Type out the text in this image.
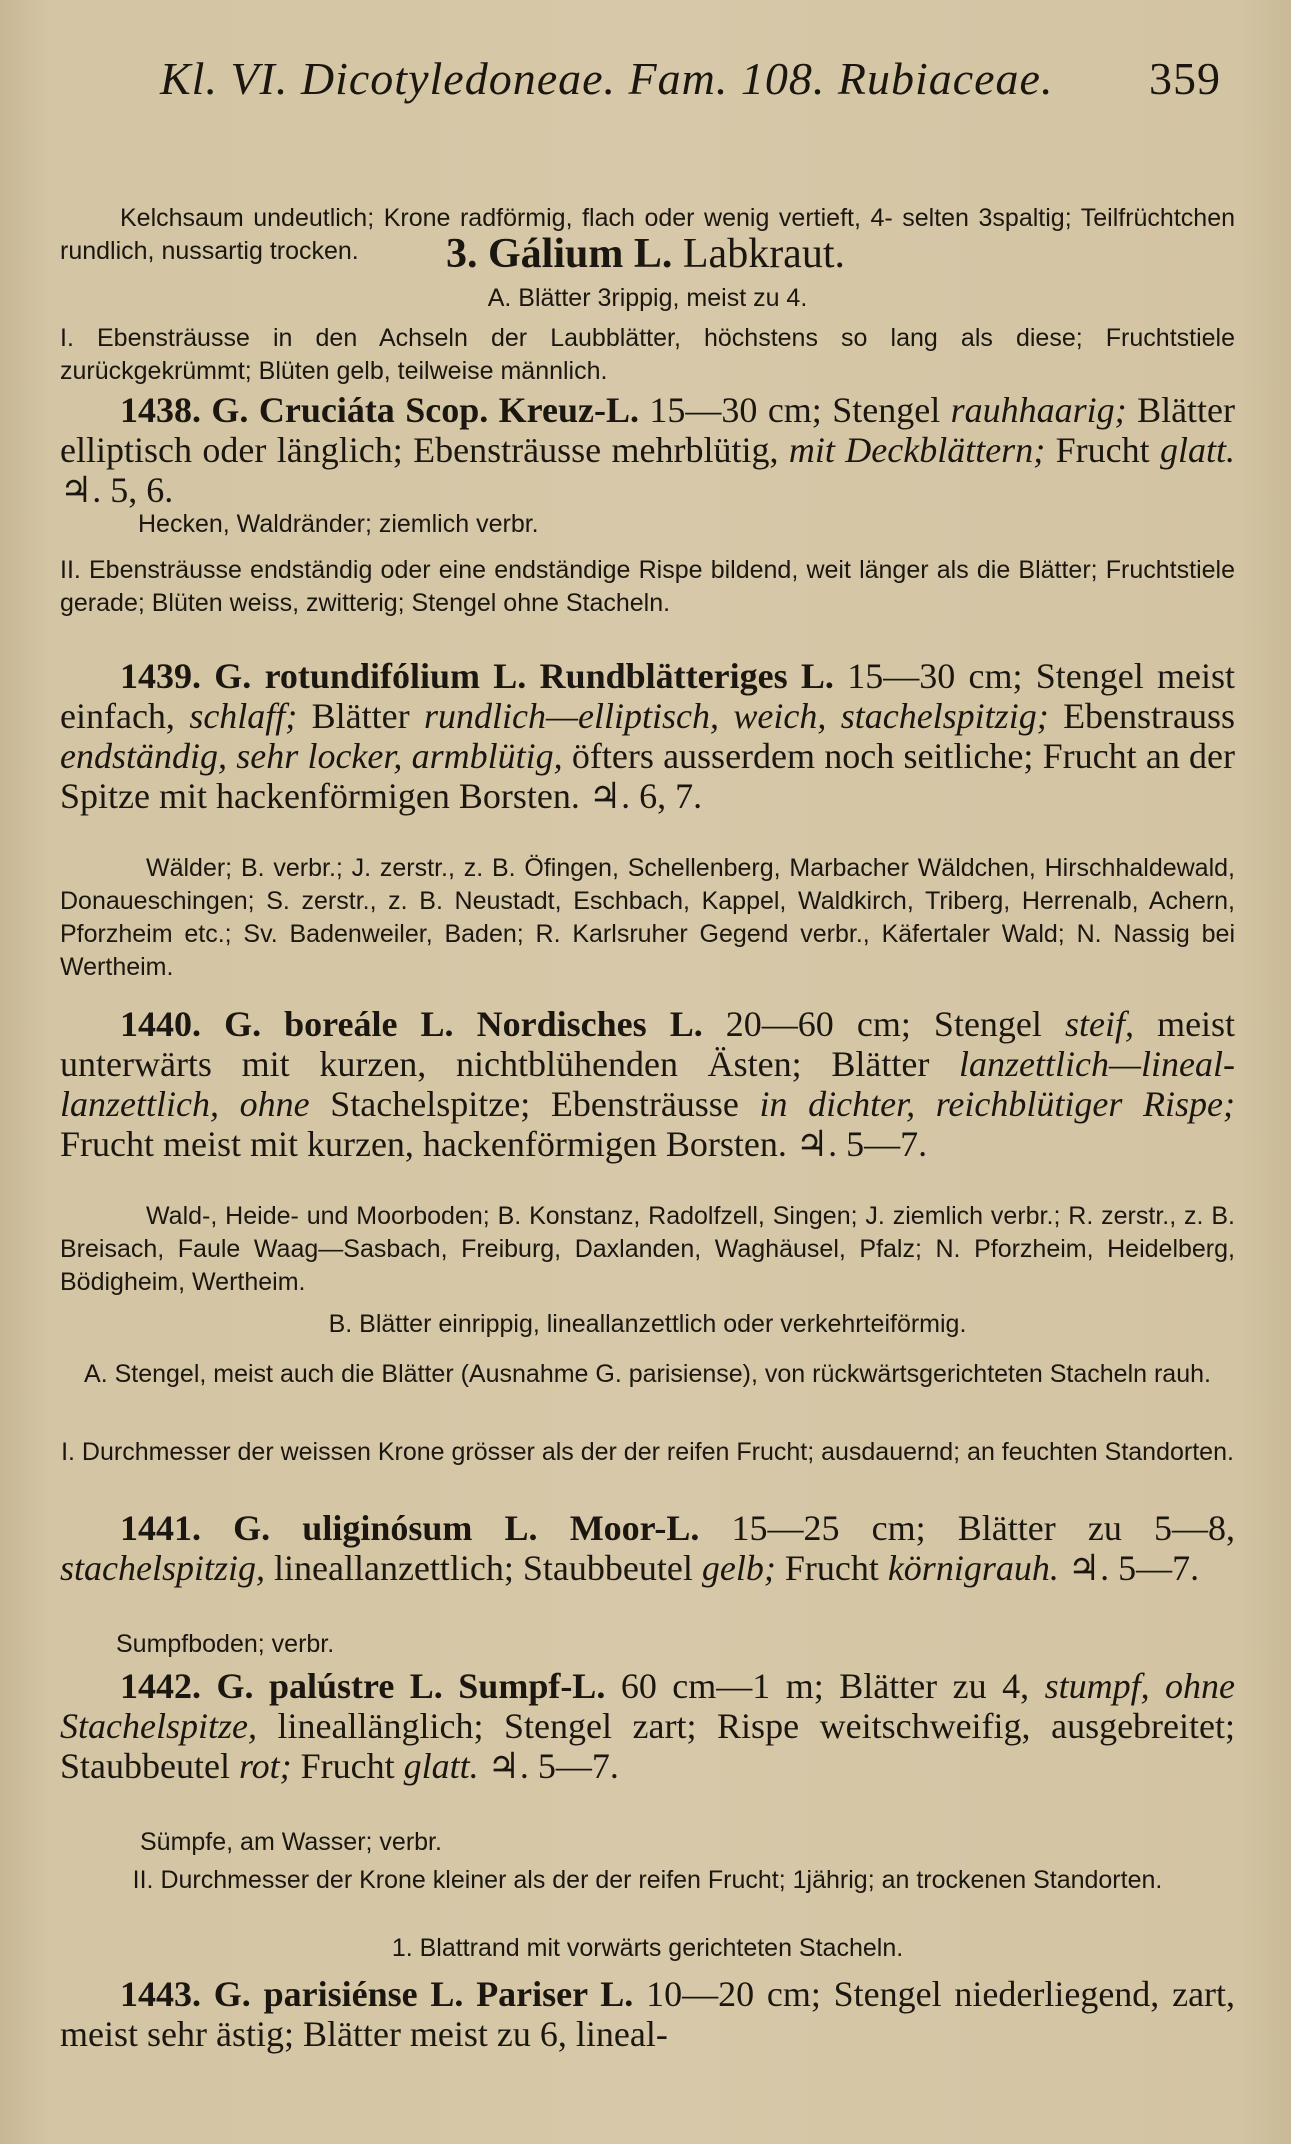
Kl. VI. Dicotyledoneae. Fam. 108. Rubiaceae. 359
3. Gálium L. Labkraut.
Kelchsaum undeutlich; Krone radförmig, flach oder wenig vertieft, 4- selten 3spaltig; Teilfrüchtchen rundlich, nussartig trocken.
A. Blätter 3rippig, meist zu 4.
I. Ebensträusse in den Achseln der Laubblätter, höchstens so lang als diese; Fruchtstiele zurückgekrümmt; Blüten gelb, teilweise männlich.
1438. G. Cruciáta Scop. Kreuz-L. 15—30 cm; Stengel rauhhaarig; Blätter elliptisch oder länglich; Ebensträusse mehrblütig, mit Deckblättern; Frucht glatt. ♃. 5, 6.
Hecken, Waldränder; ziemlich verbr.
II. Ebensträusse endständig oder eine endständige Rispe bildend, weit länger als die Blätter; Fruchtstiele gerade; Blüten weiss, zwitterig; Stengel ohne Stacheln.
1439. G. rotundifólium L. Rundblätteriges L. 15—30 cm; Stengel meist einfach, schlaff; Blätter rundlich—elliptisch, weich, stachelspitzig; Ebenstrauss endständig, sehr locker, armblütig, öfters ausserdem noch seitliche; Frucht an der Spitze mit hackenförmigen Borsten. ♃. 6, 7.
Wälder; B. verbr.; J. zerstr., z. B. Öfingen, Schellenberg, Marbacher Wäldchen, Hirschhaldewald, Donaueschingen; S. zerstr., z. B. Neustadt, Eschbach, Kappel, Waldkirch, Triberg, Herrenalb, Achern, Pforzheim etc.; Sv. Badenweiler, Baden; R. Karlsruher Gegend verbr., Käfertaler Wald; N. Nassig bei Wertheim.
1440. G. boreále L. Nordisches L. 20—60 cm; Stengel steif, meist unterwärts mit kurzen, nichtblühenden Ästen; Blätter lanzettlich—lineal-lanzettlich, ohne Stachelspitze; Ebensträusse in dichter, reichblütiger Rispe; Frucht meist mit kurzen, hackenförmigen Borsten. ♃. 5—7.
Wald-, Heide- und Moorboden; B. Konstanz, Radolfzell, Singen; J. ziemlich verbr.; R. zerstr., z. B. Breisach, Faule Waag—Sasbach, Freiburg, Daxlanden, Waghäusel, Pfalz; N. Pforzheim, Heidelberg, Bödigheim, Wertheim.
B. Blätter einrippig, lineallanzettlich oder verkehrteiförmig.
A. Stengel, meist auch die Blätter (Ausnahme G. parisiense), von rückwärtsgerichteten Stacheln rauh.
I. Durchmesser der weissen Krone grösser als der der reifen Frucht; ausdauernd; an feuchten Standorten.
1441. G. uliginósum L. Moor-L. 15—25 cm; Blätter zu 5—8, stachelspitzig, lineallanzettlich; Staubbeutel gelb; Frucht körnigrauh. ♃. 5—7.
Sumpfboden; verbr.
1442. G. palústre L. Sumpf-L. 60 cm—1 m; Blätter zu 4, stumpf, ohne Stachelspitze, lineallänglich; Stengel zart; Rispe weitschweifig, ausgebreitet; Staubbeutel rot; Frucht glatt. ♃. 5—7.
Sümpfe, am Wasser; verbr.
II. Durchmesser der Krone kleiner als der der reifen Frucht; 1jährig; an trockenen Standorten.
1. Blattrand mit vorwärts gerichteten Stacheln.
1443. G. parisiénse L. Pariser L. 10—20 cm; Stengel niederliegend, zart, meist sehr ästig; Blätter meist zu 6, lineal-
